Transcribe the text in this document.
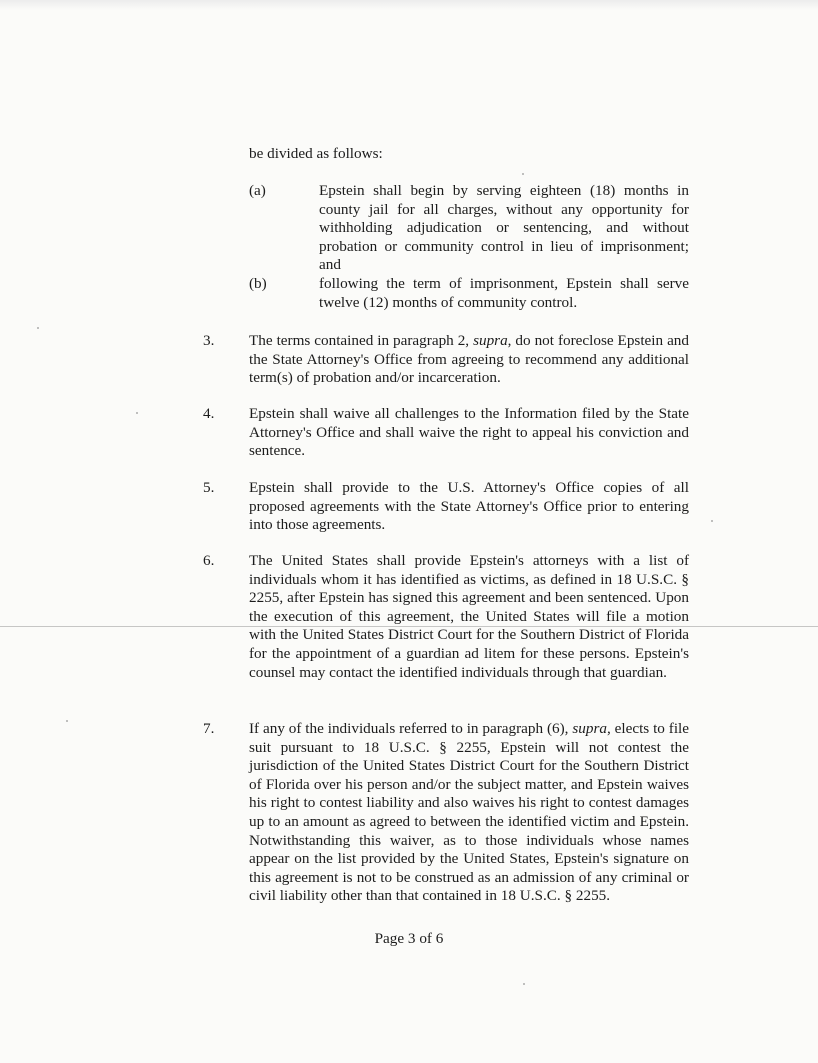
be divided as follows:
(a)	Epstein shall begin by serving eighteen (18) months in county jail for all charges, without any opportunity for withholding adjudication or sentencing, and without probation or community control in lieu of imprisonment; and
(b)	following the term of imprisonment, Epstein shall serve twelve (12) months of community control.
3. The terms contained in paragraph 2, supra, do not foreclose Epstein and the State Attorney's Office from agreeing to recommend any additional term(s) of probation and/or incarceration.
4. Epstein shall waive all challenges to the Information filed by the State Attorney's Office and shall waive the right to appeal his conviction and sentence.
5. Epstein shall provide to the U.S. Attorney's Office copies of all proposed agreements with the State Attorney's Office prior to entering into those agreements.
6. The United States shall provide Epstein's attorneys with a list of individuals whom it has identified as victims, as defined in 18 U.S.C. § 2255, after Epstein has signed this agreement and been sentenced. Upon the execution of this agreement, the United States will file a motion with the United States District Court for the Southern District of Florida for the appointment of a guardian ad litem for these persons. Epstein's counsel may contact the identified individuals through that guardian.
7. If any of the individuals referred to in paragraph (6), supra, elects to file suit pursuant to 18 U.S.C. § 2255, Epstein will not contest the jurisdiction of the United States District Court for the Southern District of Florida over his person and/or the subject matter, and Epstein waives his right to contest liability and also waives his right to contest damages up to an amount as agreed to between the identified victim and Epstein. Notwithstanding this waiver, as to those individuals whose names appear on the list provided by the United States, Epstein's signature on this agreement is not to be construed as an admission of any criminal or civil liability other than that contained in 18 U.S.C. § 2255.
Page 3 of 6
